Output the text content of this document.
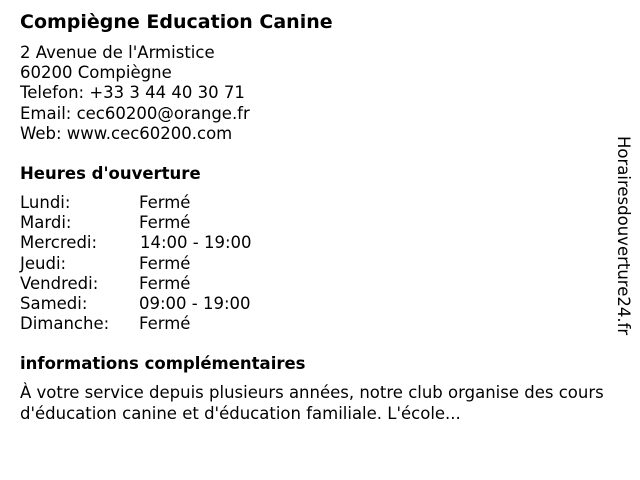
Compiègne Education Canine
2 Avenue de l'Armistice
60200 Compiègne
Telefon: +33 3 44 40 30 71
Email: cec60200@orange.fr
Web: www.cec60200.com
Heures d'ouverture
Lundi:	Fermé
Mardi:	Fermé
Mercredi:	14:00 - 19:00
Jeudi:	Fermé
Vendredi: Fermé
Samedi:	09:00 - 19:00
Dimanche: Fermé
informations complémentaires
À votre service depuis plusieurs années, notre club organise des cours d'éducation canine et d'éducation familiale. L'école...
Horairesdouverture24.fr
